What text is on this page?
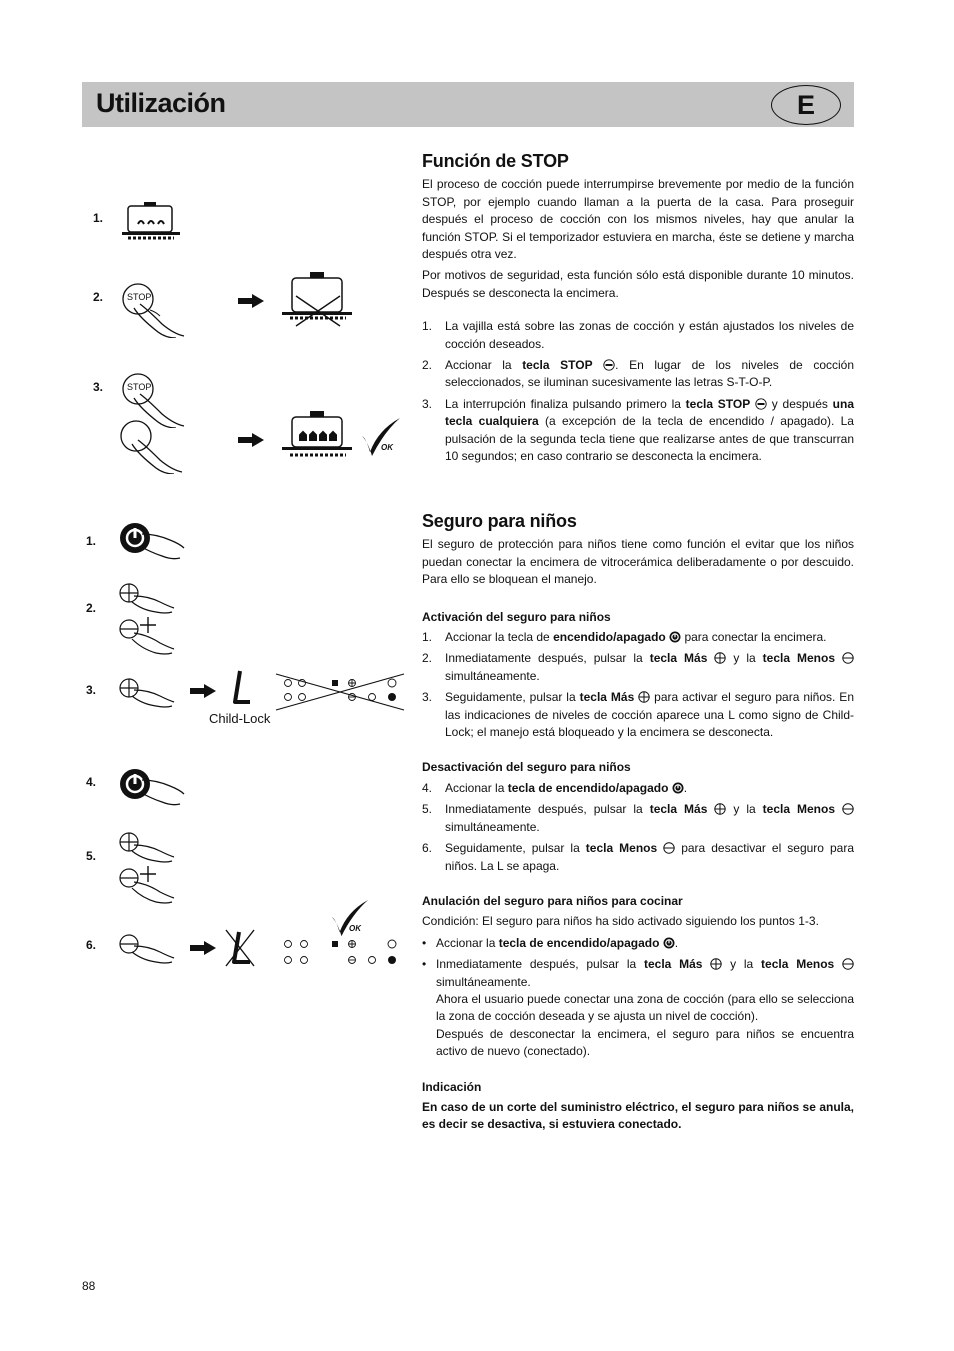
Utilización	E
Función de STOP

El proceso de cocción puede interrumpirse brevemente por medio de la función STOP, por ejemplo cuando llaman a la puerta de la casa. Para proseguir después el proceso de cocción con los mismos niveles, hay que anular la función STOP. Si el temporizador estuviera en marcha, éste se detiene y marcha después otra vez.

Por motivos de seguridad, esta función sólo está disponible durante 10 minutos. Después se desconecta la encimera.

1. La vajilla está sobre las zonas de cocción y están ajustados los niveles de cocción deseados.
2. Accionar la tecla STOP . En lugar de los niveles de cocción seleccionados, se iluminan sucesivamente las letras S-T-O-P.
3. La interrupción finaliza pulsando primero la tecla STOP  y después una tecla cualquiera (a excepción de la tecla de encendido / apagado). La pulsación de la segunda tecla tiene que realizarse antes de que transcurran 10 segundos; en caso contrario se desconecta la encimera.
Seguro para niños

El seguro de protección para niños tiene como función el evitar que los niños puedan conectar la encimera de vitrocerámica deliberadamente o por descuido. Para ello se bloquean el manejo.

Activación del seguro para niños
1. Accionar la tecla de encendido/apagado  para conectar la encimera.
2. Inmediatamente después, pulsar la tecla Más  y la tecla Menos  simultáneamente.
3. Seguidamente, pulsar la tecla Más  para activar el seguro para niños. En las indicaciones de niveles de cocción aparece una L como signo de Child-Lock; el manejo está bloqueado y la encimera se desconecta.
Desactivación del seguro para niños
4. Accionar la tecla de encendido/apagado .
5. Inmediatamente después, pulsar la tecla Más  y la tecla Menos  simultáneamente.
6. Seguidamente, pulsar la tecla Menos  para desactivar el seguro para niños. La L se apaga.
Anulación del seguro para niños para cocinar

Condición: El seguro para niños ha sido activado siguiendo los puntos 1-3.

• Accionar la tecla de encendido/apagado .
• Inmediatamente después, pulsar la tecla Más  y la tecla Menos  simultáneamente.
Ahora el usuario puede conectar una zona de cocción (para ello se selecciona la zona de cocción deseada y se ajusta un nivel de cocción).
Después de desconectar la encimera, el seguro para niños se encuentra activo de nuevo (conectado).
Indicación

En caso de un corte del suministro eléctrico, el seguro para niños se anula, es decir se desactiva, si estuviera conectado.

1.
2.
3.
STOP
STOP
OK
1.
2.
3.
4.
5.
6.
Child-Lock
OK
88
